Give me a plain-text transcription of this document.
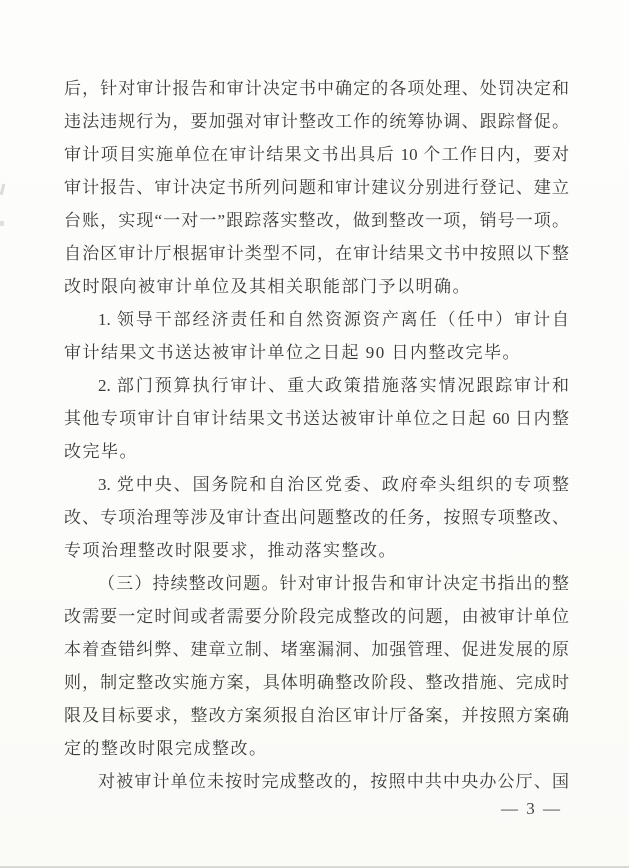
后，针对审计报告和审计决定书中确定的各项处理、处罚决定和
违法违规行为，要加强对审计整改工作的统筹协调、跟踪督促。
审计项目实施单位在审计结果文书出具后 10 个工作日内，要对
审计报告、审计决定书所列问题和审计建议分别进行登记、建立
台账，实现“一对一”跟踪落实整改，做到整改一项，销号一项。
自治区审计厅根据审计类型不同，在审计结果文书中按照以下整
改时限向被审计单位及其相关职能部门予以明确。
1. 领导干部经济责任和自然资源资产离任（任中）审计自
审计结果文书送达被审计单位之日起 90 日内整改完毕。
2. 部门预算执行审计、重大政策措施落实情况跟踪审计和
其他专项审计自审计结果文书送达被审计单位之日起 60 日内整
改完毕。
3. 党中央、国务院和自治区党委、政府牵头组织的专项整
改、专项治理等涉及审计查出问题整改的任务，按照专项整改、
专项治理整改时限要求，推动落实整改。
（三）持续整改问题。针对审计报告和审计决定书指出的整
改需要一定时间或者需要分阶段完成整改的问题，由被审计单位
本着查错纠弊、建章立制、堵塞漏洞、加强管理、促进发展的原
则，制定整改实施方案，具体明确整改阶段、整改措施、完成时
限及目标要求，整改方案须报自治区审计厅备案，并按照方案确
定的整改时限完成整改。
对被审计单位未按时完成整改的，按照中共中央办公厅、国
— 3 —
